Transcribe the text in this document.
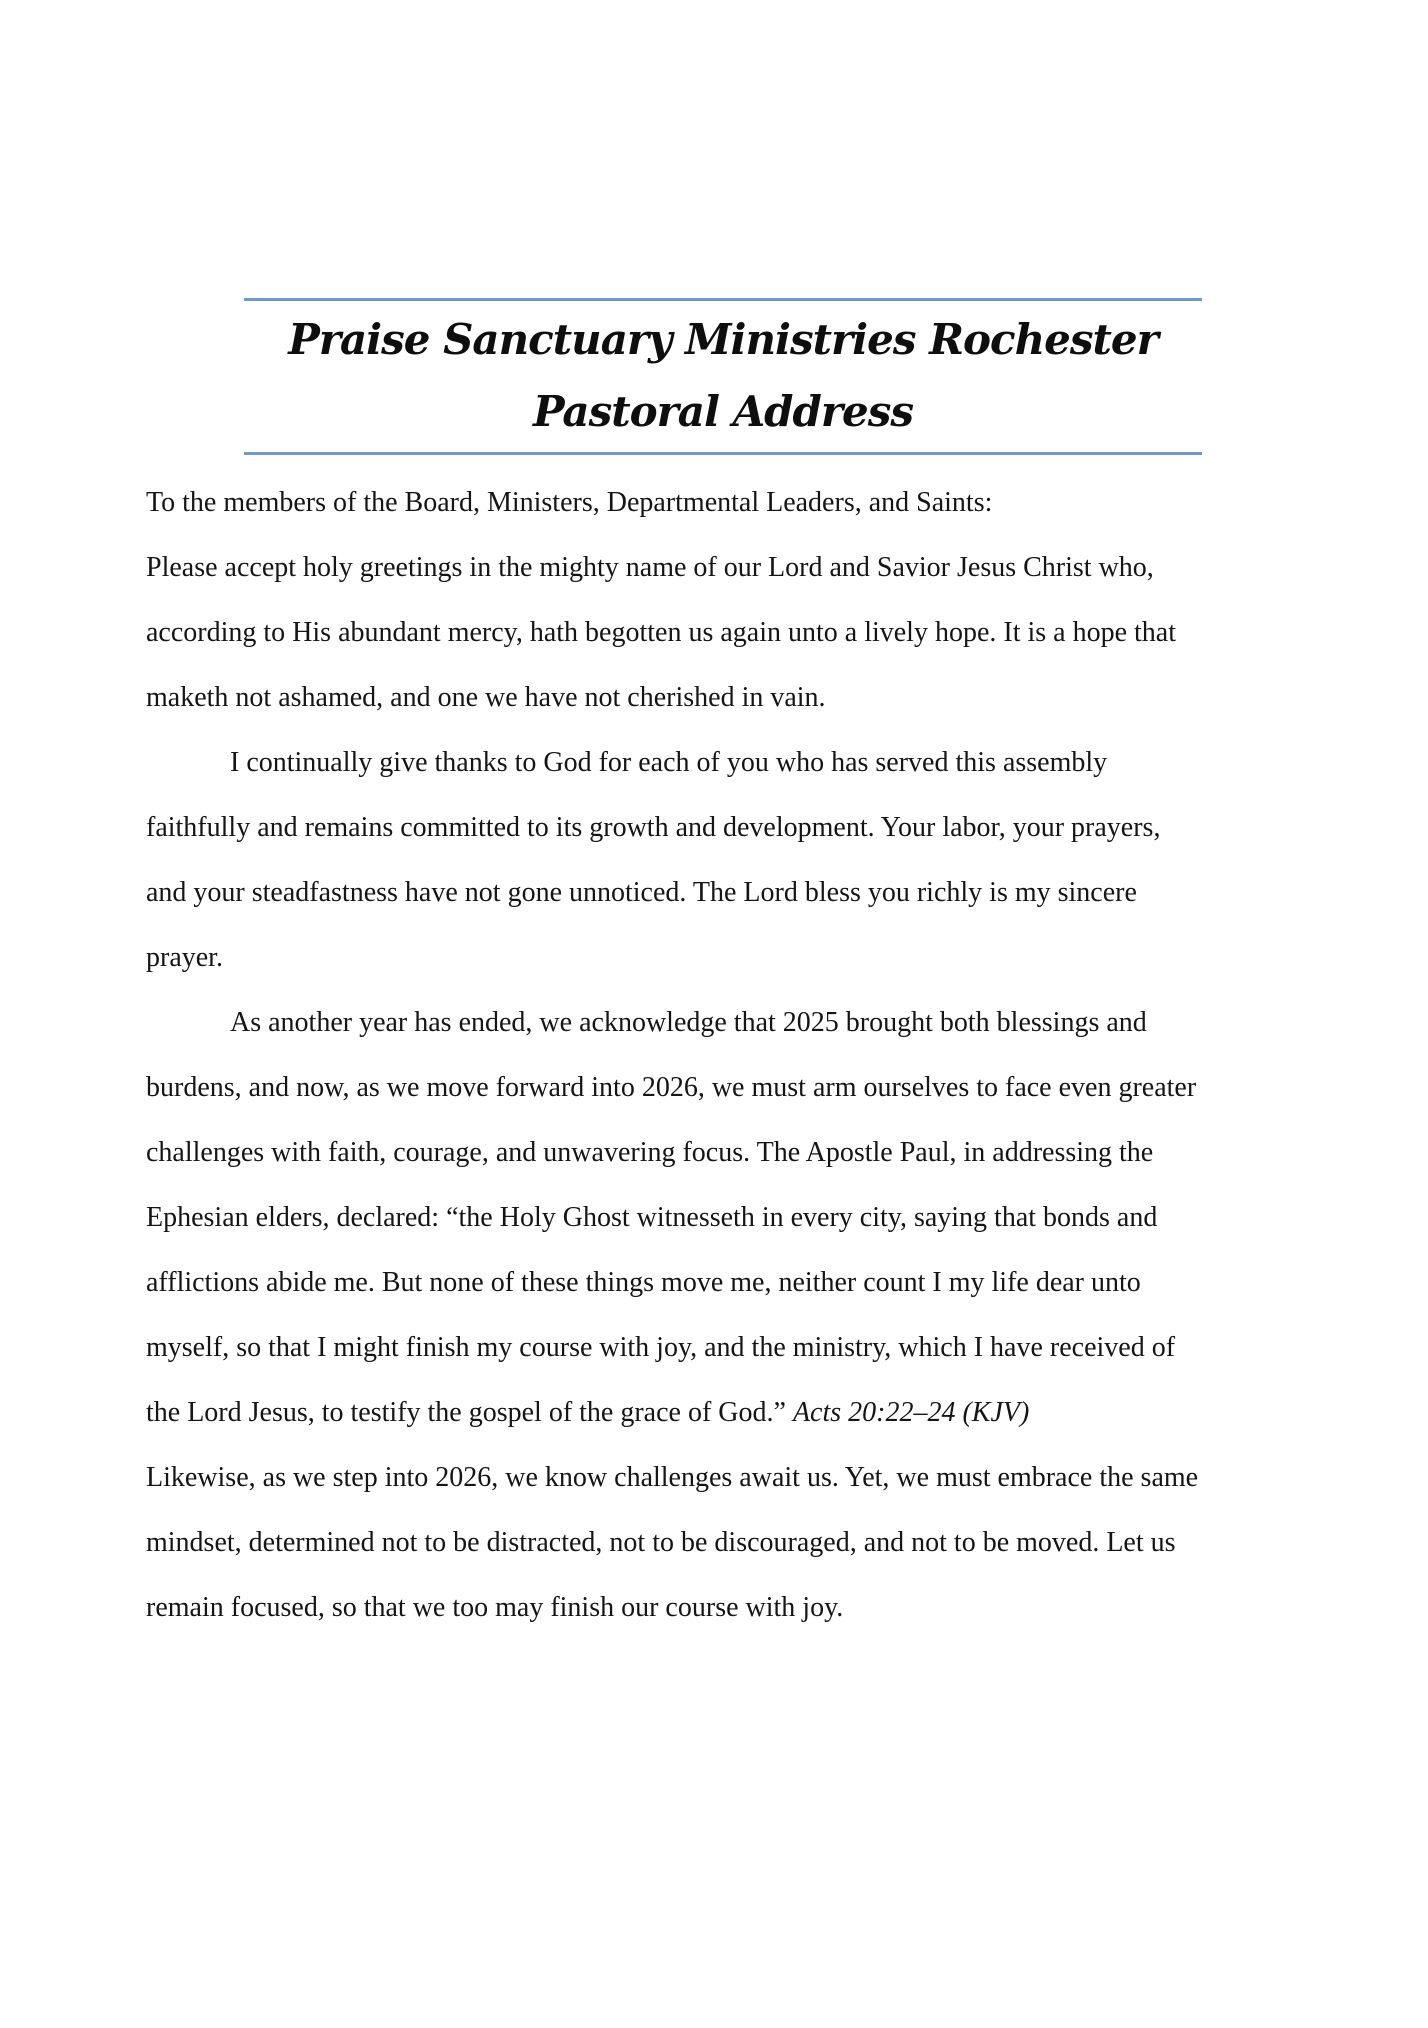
Praise Sanctuary Ministries Rochester
Pastoral Address
To the members of the Board, Ministers, Departmental Leaders, and Saints:
Please accept holy greetings in the mighty name of our Lord and Savior Jesus Christ who,
according to His abundant mercy, hath begotten us again unto a lively hope. It is a hope that
maketh not ashamed, and one we have not cherished in vain.
I continually give thanks to God for each of you who has served this assembly
faithfully and remains committed to its growth and development. Your labor, your prayers,
and your steadfastness have not gone unnoticed. The Lord bless you richly is my sincere
prayer.
As another year has ended, we acknowledge that 2025 brought both blessings and
burdens, and now, as we move forward into 2026, we must arm ourselves to face even greater
challenges with faith, courage, and unwavering focus. The Apostle Paul, in addressing the
Ephesian elders, declared: “the Holy Ghost witnesseth in every city, saying that bonds and
afflictions abide me. But none of these things move me, neither count I my life dear unto
myself, so that I might finish my course with joy, and the ministry, which I have received of
the Lord Jesus, to testify the gospel of the grace of God.” Acts 20:22–24 (KJV)
Likewise, as we step into 2026, we know challenges await us. Yet, we must embrace the same
mindset, determined not to be distracted, not to be discouraged, and not to be moved. Let us
remain focused, so that we too may finish our course with joy.
